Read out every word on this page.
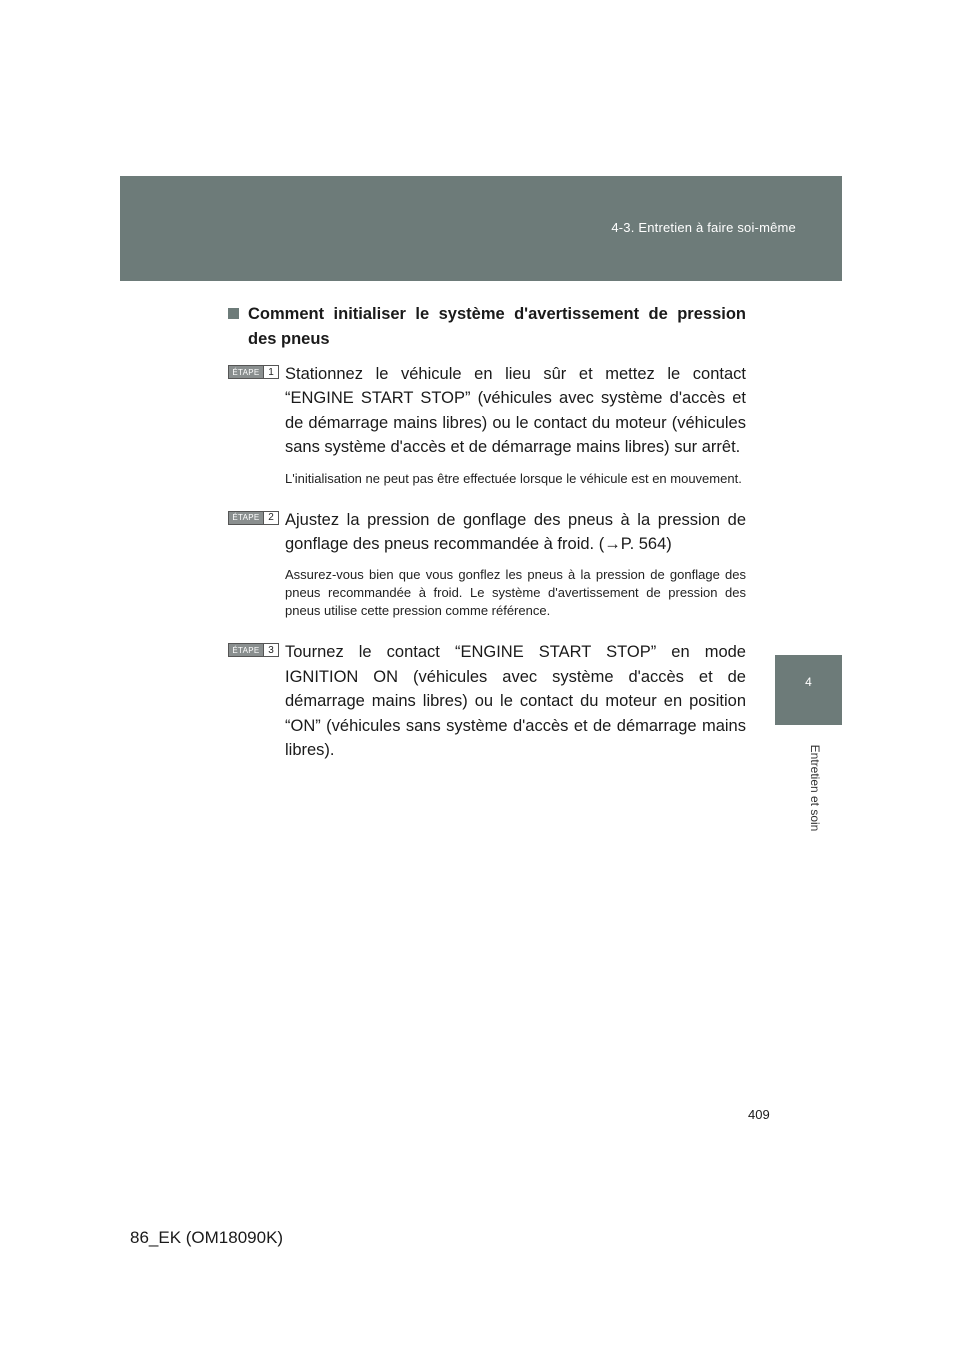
4-3. Entretien à faire soi-même
4
Entretien et soin
Comment initialiser le système d'avertissement de pression des pneus
ÉTAPE 1 Stationnez le véhicule en lieu sûr et mettez le contact “ENGINE START STOP” (véhicules avec système d'accès et de démarrage mains libres) ou le contact du moteur (véhicules sans système d'accès et de démarrage mains libres) sur arrêt.

L'initialisation ne peut pas être effectuée lorsque le véhicule est en mouvement.

ÉTAPE 2 Ajustez la pression de gonflage des pneus à la pression de gonflage des pneus recommandée à froid. (→P. 564)

Assurez-vous bien que vous gonflez les pneus à la pression de gonflage des pneus recommandée à froid. Le système d'avertissement de pression des pneus utilise cette pression comme référence.

ÉTAPE 3 Tournez le contact “ENGINE START STOP” en mode IGNITION ON (véhicules avec système d'accès et de démarrage mains libres) ou le contact du moteur en position “ON” (véhicules sans système d'accès et de démarrage mains libres).

409
86_EK (OM18090K)
